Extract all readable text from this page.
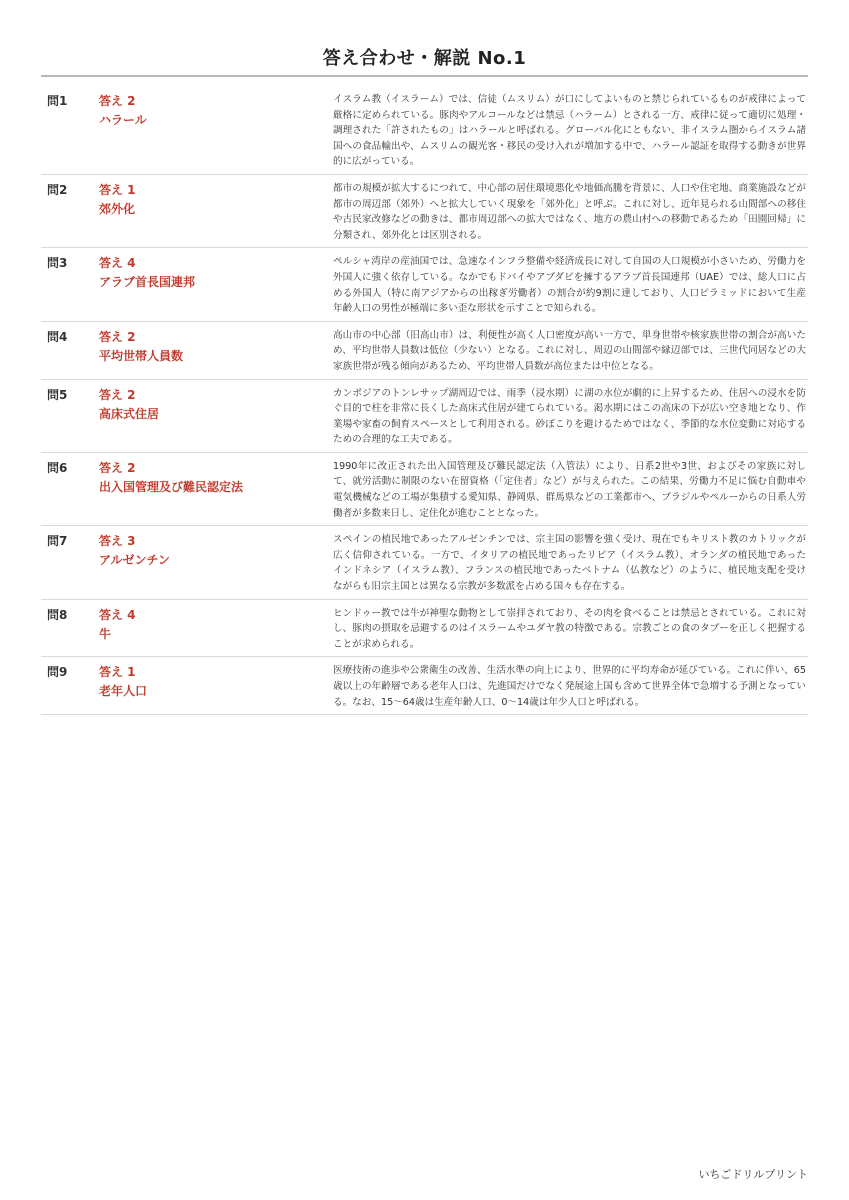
答え合わせ・解説 No.1
問1	答え 2
ハラール
イスラム教（イスラーム）では、信徒（ムスリム）が口にしてよいものと禁じられているものが戒律によって厳格に定められている。豚肉やアルコールなどは禁忌（ハラーム）とされる一方、戒律に従って適切に処理・調理された「許されたもの」はハラールと呼ばれる。グローバル化にともない、非イスラム圏からイスラム諸国への食品輸出や、ムスリムの観光客・移民の受け入れが増加する中で、ハラール認証を取得する動きが世界的に広がっている。
問2	答え 1
郊外化
都市の規模が拡大するにつれて、中心部の居住環境悪化や地価高騰を背景に、人口や住宅地、商業施設などが都市の周辺部（郊外）へと拡大していく現象を「郊外化」と呼ぶ。これに対し、近年見られる山間部への移住や古民家改修などの動きは、都市周辺部への拡大ではなく、地方の農山村への移動であるため「田園回帰」に分類され、郊外化とは区別される。
問3	答え 4
アラブ首長国連邦
ペルシャ湾岸の産油国では、急速なインフラ整備や経済成長に対して自国の人口規模が小さいため、労働力を外国人に強く依存している。なかでもドバイやアブダビを擁するアラブ首長国連邦（UAE）では、総人口に占める外国人（特に南アジアからの出稼ぎ労働者）の割合が約9割に達しており、人口ピラミッドにおいて生産年齢人口の男性が極端に多い歪な形状を示すことで知られる。
問4	答え 2
平均世帯人員数
高山市の中心部（旧高山市）は、利便性が高く人口密度が高い一方で、単身世帯や核家族世帯の割合が高いため、平均世帯人員数は低位（少ない）となる。これに対し、周辺の山間部や縁辺部では、三世代同居などの大家族世帯が残る傾向があるため、平均世帯人員数が高位または中位となる。
問5	答え 2
高床式住居
カンボジアのトンレサップ湖周辺では、雨季（浸水期）に湖の水位が劇的に上昇するため、住居への浸水を防ぐ目的で柱を非常に長くした高床式住居が建てられている。渇水期にはこの高床の下が広い空き地となり、作業場や家畜の飼育スペースとして利用される。砂ぼこりを避けるためではなく、季節的な水位変動に対応するための合理的な工夫である。
問6	答え 2
出入国管理及び難民認定法
1990年に改正された出入国管理及び難民認定法（入管法）により、日系2世や3世、およびその家族に対して、就労活動に制限のない在留資格（「定住者」など）が与えられた。この結果、労働力不足に悩む自動車や電気機械などの工場が集積する愛知県、静岡県、群馬県などの工業都市へ、ブラジルやペルーからの日系人労働者が多数来日し、定住化が進むこととなった。
問7	答え 3
アルゼンチン
スペインの植民地であったアルゼンチンでは、宗主国の影響を強く受け、現在でもキリスト教のカトリックが広く信仰されている。一方で、イタリアの植民地であったリビア（イスラム教）、オランダの植民地であったインドネシア（イスラム教）、フランスの植民地であったベトナム（仏教など）のように、植民地支配を受けながらも旧宗主国とは異なる宗教が多数派を占める国々も存在する。
問8	答え 4
牛
ヒンドゥー教では牛が神聖な動物として崇拝されており、その肉を食べることは禁忌とされている。これに対し、豚肉の摂取を忌避するのはイスラームやユダヤ教の特徴である。宗教ごとの食のタブーを正しく把握することが求められる。
問9	答え 1
老年人口
医療技術の進歩や公衆衛生の改善、生活水準の向上により、世界的に平均寿命が延びている。これに伴い、65歳以上の年齢層である老年人口は、先進国だけでなく発展途上国も含めて世界全体で急増する予測となっている。なお、15〜64歳は生産年齢人口、0〜14歳は年少人口と呼ばれる。
いちごドリルプリント
